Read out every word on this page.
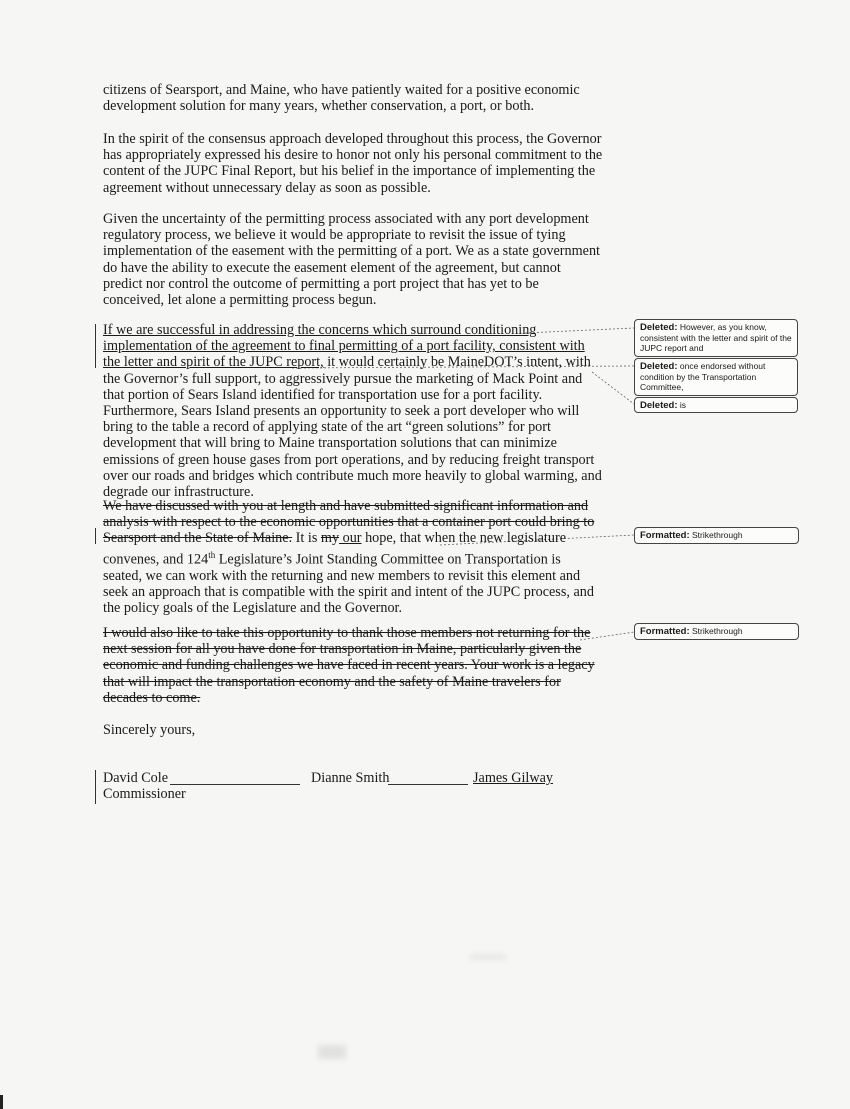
citizens of Searsport, and Maine, who have patiently waited for a positive economic development solution for many years, whether conservation, a port, or both.

In the spirit of the consensus approach developed throughout this process, the Governor has appropriately expressed his desire to honor not only his personal commitment to the content of the JUPC Final Report, but his belief in the importance of implementing the agreement without unnecessary delay as soon as possible.

Given the uncertainty of the permitting process associated with any port development regulatory process, we believe it would be appropriate to revisit the issue of tying implementation of the easement with the permitting of a port. We as a state government do have the ability to execute the easement element of the agreement, but cannot predict nor control the outcome of permitting a port project that has yet to be conceived, let alone a permitting process begun.

If we are successful in addressing the concerns which surround conditioning implementation of the agreement to final permitting of a port facility, consistent with the letter and spirit of the JUPC report, it would certainly be MaineDOT’s intent, with the Governor’s full support, to aggressively pursue the marketing of Mack Point and that portion of Sears Island identified for transportation use for a port facility. Furthermore, Sears Island presents an opportunity to seek a port developer who will bring to the table a record of applying state of the art “green solutions” for port development that will bring to Maine transportation solutions that can minimize emissions of green house gases from port operations, and by reducing freight transport over our roads and bridges which contribute much more heavily to global warming, and degrade our infrastructure.

We have discussed with you at length and have submitted significant information and analysis with respect to the economic opportunities that a container port could bring to Searsport and the State of Maine. It is my our hope, that when the new legislature convenes, and 124th Legislature’s Joint Standing Committee on Transportation is seated, we can work with the returning and new members to revisit this element and seek an approach that is compatible with the spirit and intent of the JUPC process, and the policy goals of the Legislature and the Governor.

I would also like to take this opportunity to thank those members not returning for the next session for all you have done for transportation in Maine, particularly given the economic and funding challenges we have faced in recent years. Your work is a legacy that will impact the transportation economy and the safety of Maine travelers for decades to come.

Sincerely yours,

David Cole
Commissioner
Dianne Smith	James Gilway
Deleted: However, as you know, consistent with the letter and spirit of the JUPC report and
Deleted: once endorsed without condition by the Transportation Committee,
Deleted: is
Formatted: Strikethrough
Formatted: Strikethrough
